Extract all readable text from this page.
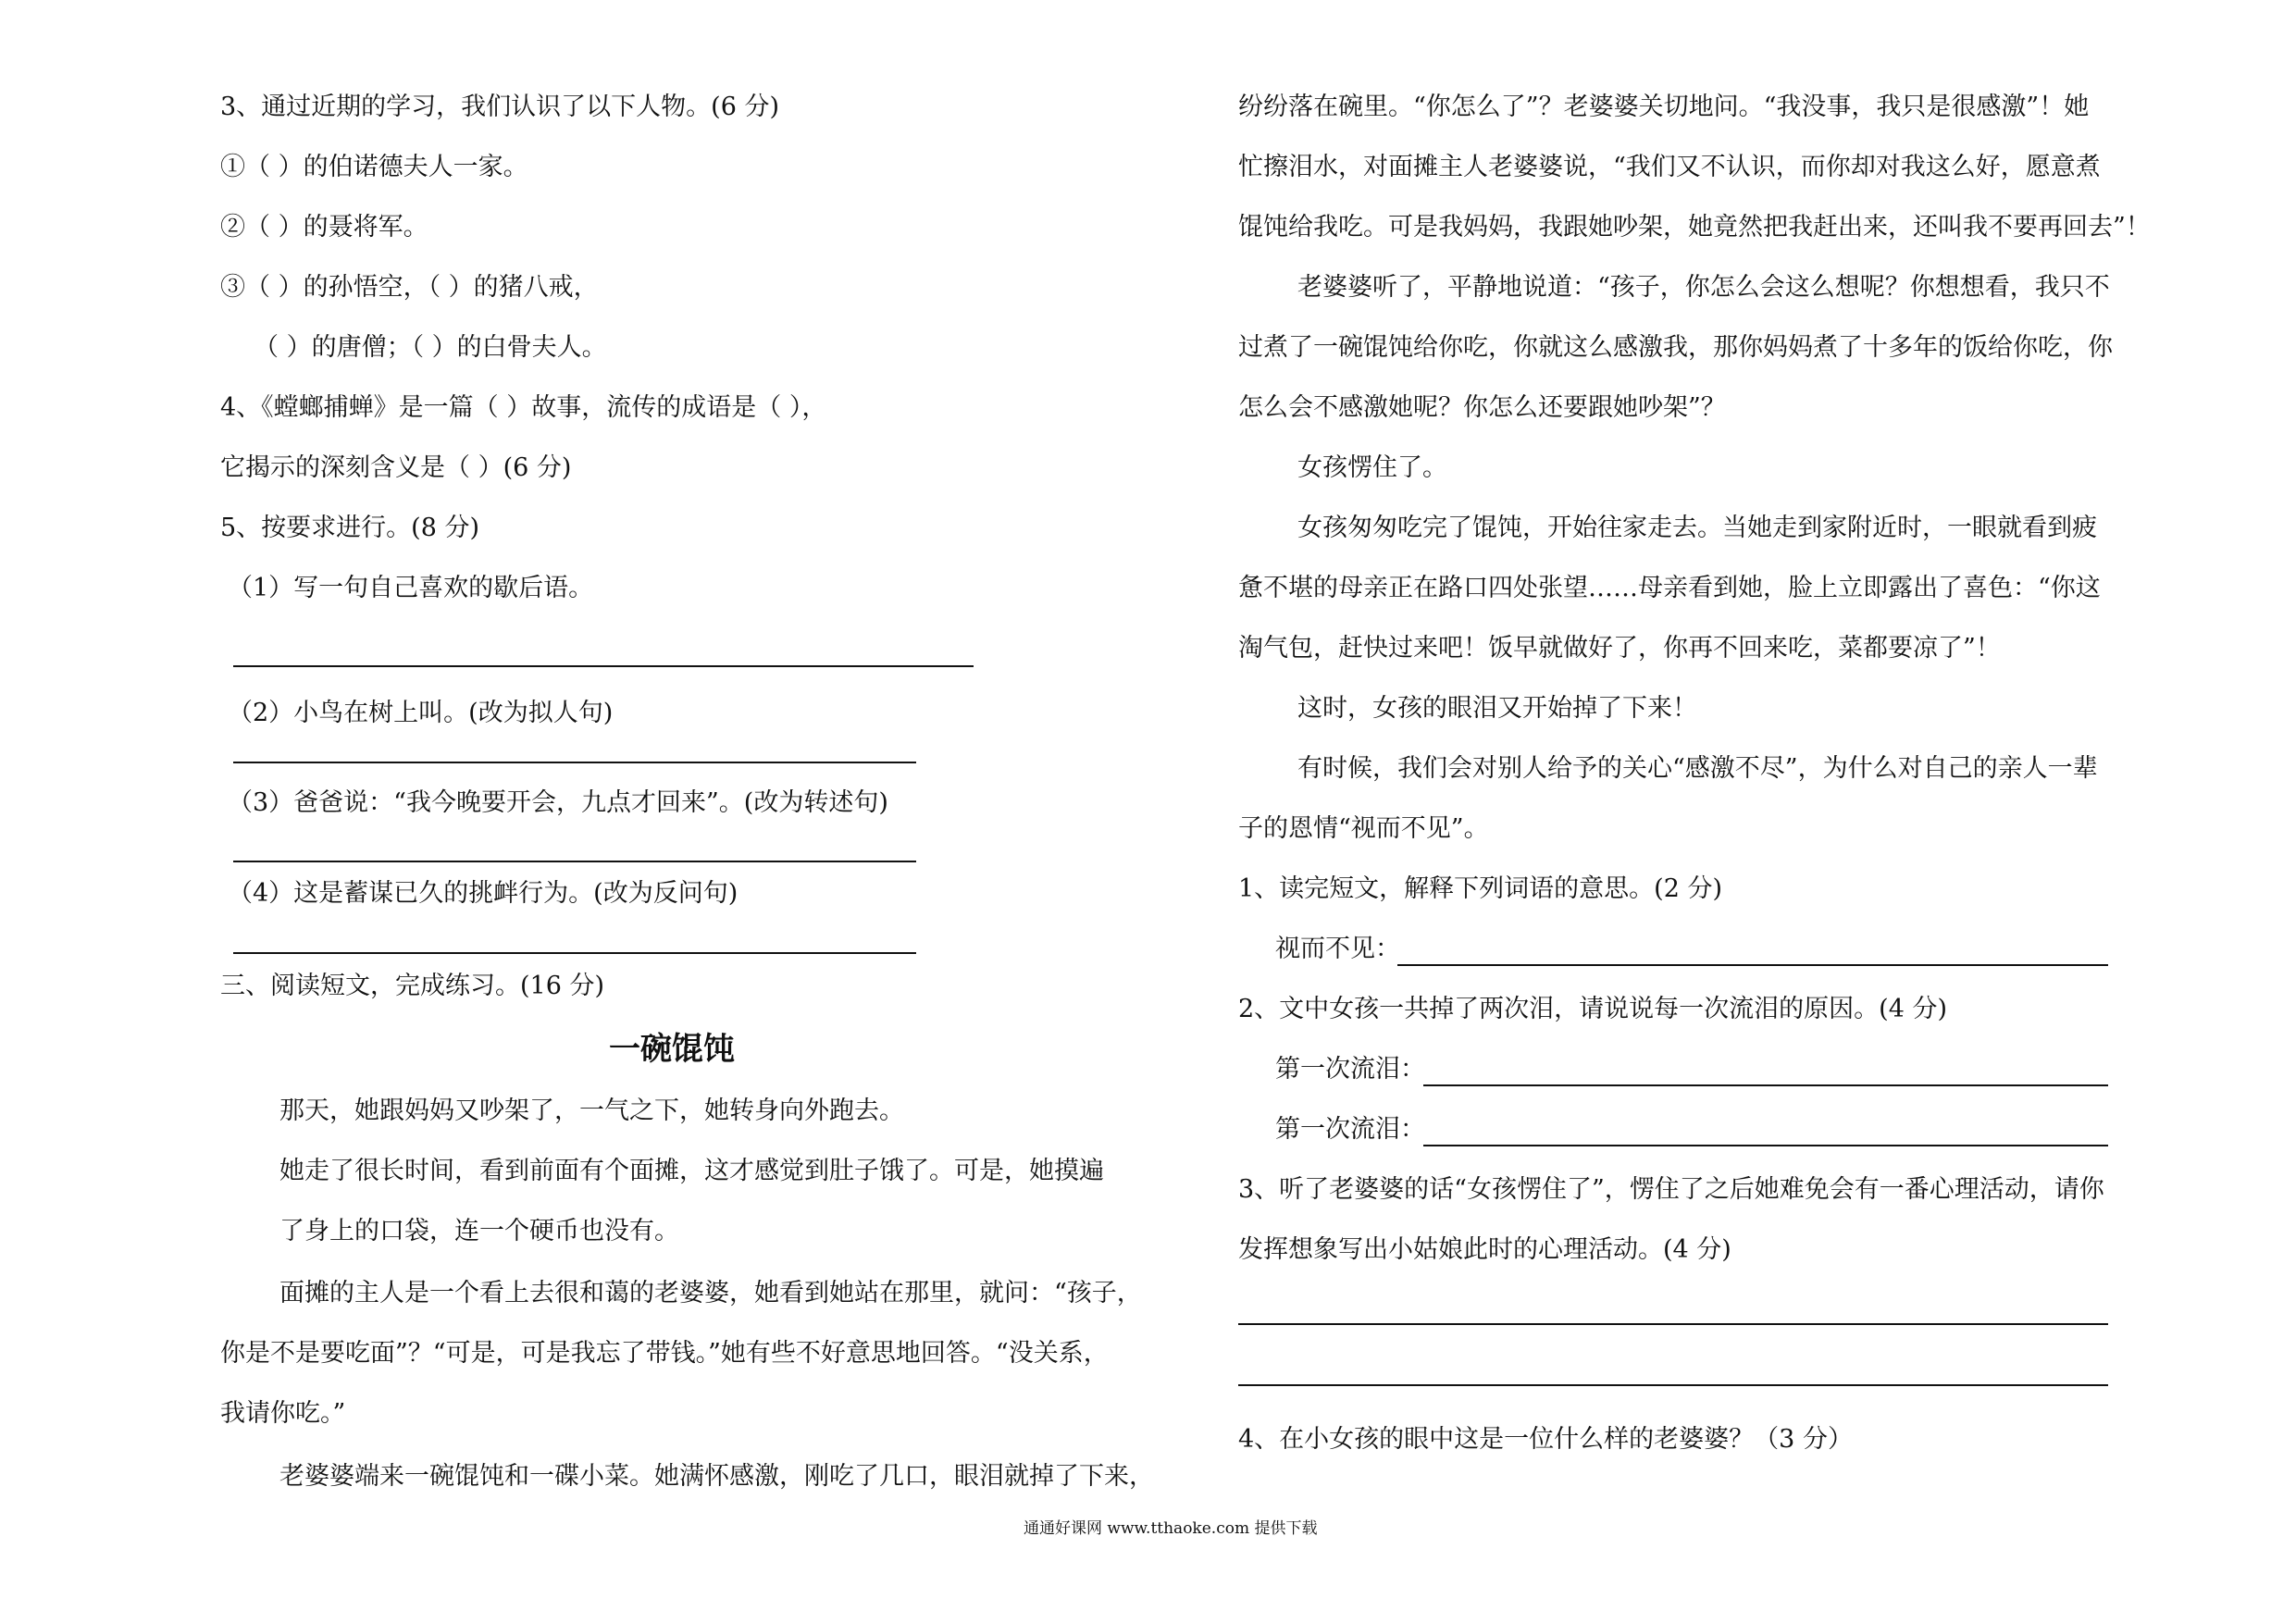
3、通过近期的学习，我们认识了以下人物。(6 分)
①（ ）的伯诺德夫人一家。
②（ ）的聂将军。
③（ ）的孙悟空，（ ）的猪八戒，
（ ）的唐僧；（ ）的白骨夫人。
4、《螳螂捕蝉》是一篇（ ）故事，流传的成语是（ ），
它揭示的深刻含义是（ ）(6 分)
5、按要求进行。(8 分)
（1）写一句自己喜欢的歇后语。
（2）小鸟在树上叫。(改为拟人句)
（3）爸爸说：“我今晚要开会，九点才回来”。(改为转述句)
（4）这是蓄谋已久的挑衅行为。(改为反问句)
三、阅读短文，完成练习。(16 分)
一碗馄饨
那天，她跟妈妈又吵架了，一气之下，她转身向外跑去。
她走了很长时间，看到前面有个面摊，这才感觉到肚子饿了。可是，她摸遍
了身上的口袋，连一个硬币也没有。
面摊的主人是一个看上去很和蔼的老婆婆，她看到她站在那里，就问：“孩子，
你是不是要吃面”？“可是，可是我忘了带钱。”她有些不好意思地回答。“没关系，
我请你吃。”
老婆婆端来一碗馄饨和一碟小菜。她满怀感激，刚吃了几口，眼泪就掉了下来，
纷纷落在碗里。“你怎么了”？老婆婆关切地问。“我没事，我只是很感激”！她
忙擦泪水，对面摊主人老婆婆说，“我们又不认识，而你却对我这么好，愿意煮
馄饨给我吃。可是我妈妈，我跟她吵架，她竟然把我赶出来，还叫我不要再回去”！
老婆婆听了，平静地说道：“孩子，你怎么会这么想呢？你想想看，我只不
过煮了一碗馄饨给你吃，你就这么感激我，那你妈妈煮了十多年的饭给你吃，你
怎么会不感激她呢？你怎么还要跟她吵架”？
女孩愣住了。
女孩匆匆吃完了馄饨，开始往家走去。当她走到家附近时，一眼就看到疲
惫不堪的母亲正在路口四处张望……母亲看到她，脸上立即露出了喜色：“你这
淘气包，赶快过来吧！饭早就做好了，你再不回来吃，菜都要凉了”！
这时，女孩的眼泪又开始掉了下来！
有时候，我们会对别人给予的关心“感激不尽”，为什么对自己的亲人一辈
子的恩情“视而不见”。
1、读完短文，解释下列词语的意思。(2 分)
视而不见：
2、文中女孩一共掉了两次泪，请说说每一次流泪的原因。(4 分)
第一次流泪：
第一次流泪：
3、听了老婆婆的话“女孩愣住了”，愣住了之后她难免会有一番心理活动，请你
发挥想象写出小姑娘此时的心理活动。(4 分)
4、在小女孩的眼中这是一位什么样的老婆婆？（3 分）
通通好课网 www.tthaoke.com 提供下载
